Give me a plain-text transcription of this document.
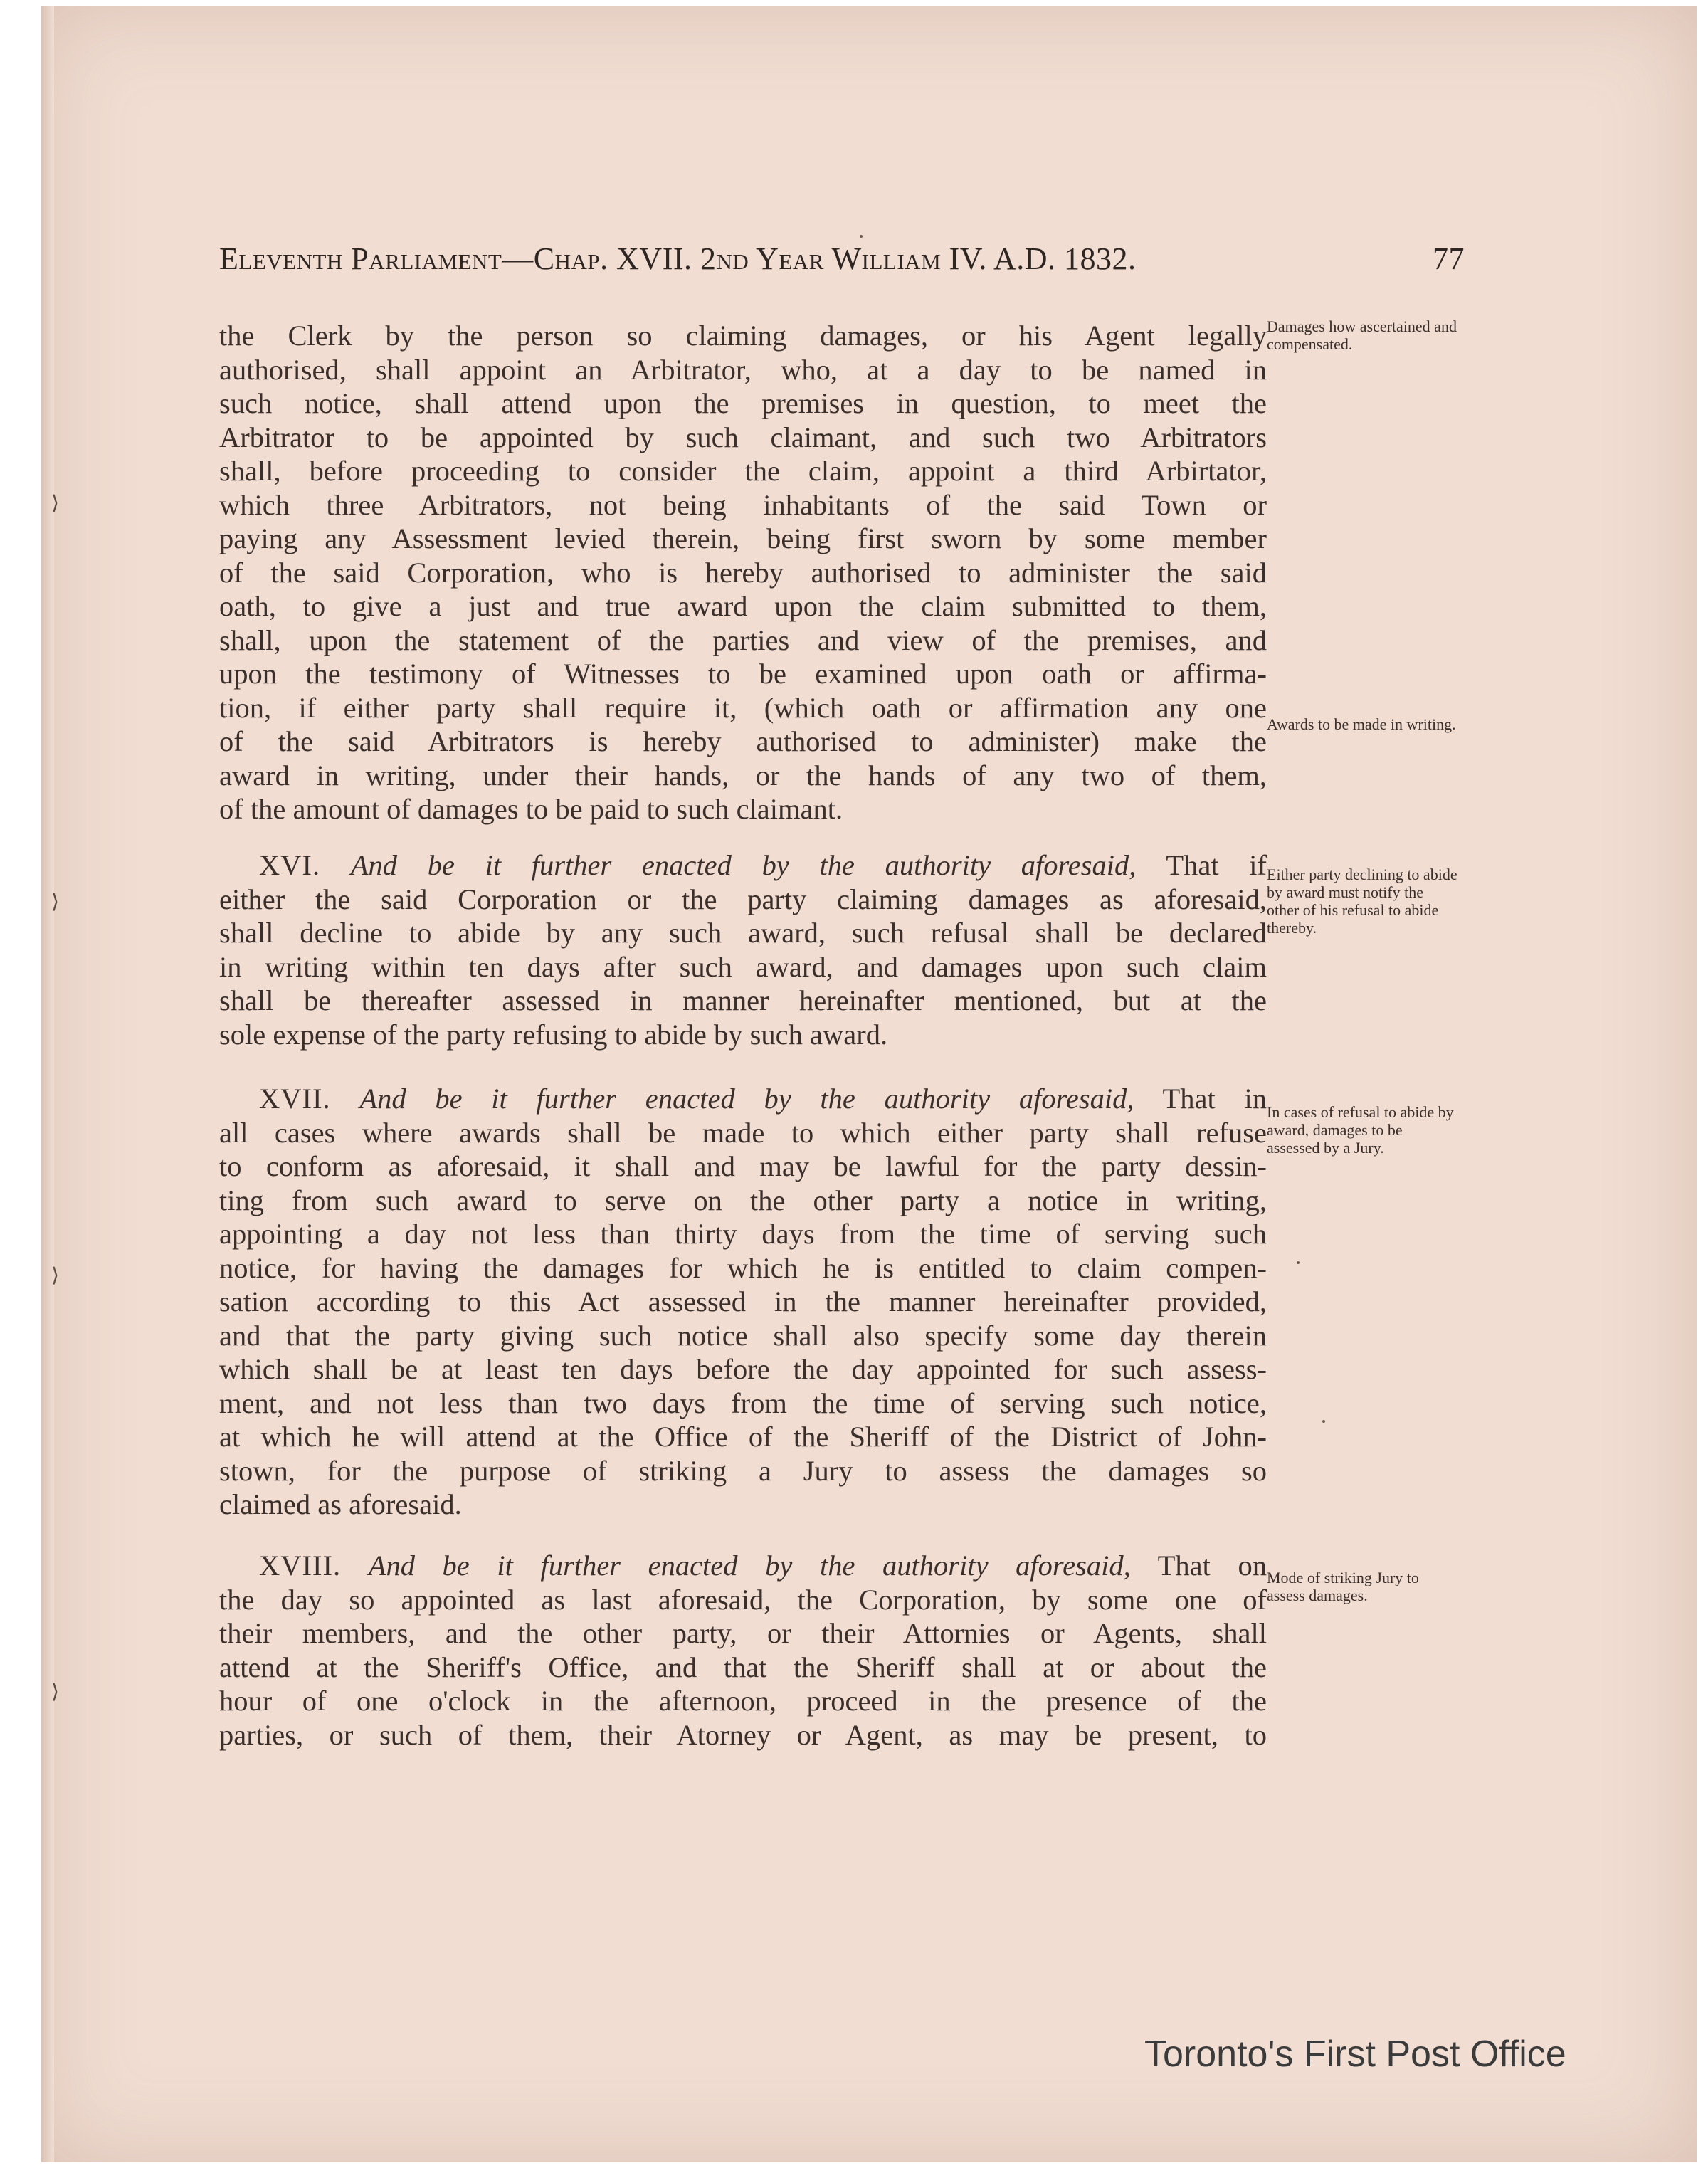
⟩
⟩
⟩
⟩
Eleventh Parliament—Chap. XVII. 2nd Year William IV. A.D. 1832.	77
the Clerk by the person so claiming damages, or his Agent legally
authorised, shall appoint an Arbitrator, who, at a day to be named in
such notice, shall attend upon the premises in question, to meet the
Arbitrator to be appointed by such claimant, and such two Arbitrators
shall, before proceeding to consider the claim, appoint a third Arbirtator,
which three Arbitrators, not being inhabitants of the said Town or
paying any Assessment levied therein, being first sworn by some member
of the said Corporation, who is hereby authorised to administer the said
oath, to give a just and true award upon the claim submitted to them,
shall, upon the statement of the parties and view of the premises, and
upon the testimony of Witnesses to be examined upon oath or affirma-
tion, if either party shall require it, (which oath or affirmation any one
of the said Arbitrators is hereby authorised to administer) make the
award in writing, under their hands, or the hands of any two of them,
of the amount of damages to be paid to such claimant.
XVI. And be it further enacted by the authority aforesaid, That if
either the said Corporation or the party claiming damages as aforesaid,
shall decline to abide by any such award, such refusal shall be declared
in writing within ten days after such award, and damages upon such claim
shall be thereafter assessed in manner hereinafter mentioned, but at the
sole expense of the party refusing to abide by such award.
XVII. And be it further enacted by the authority aforesaid, That in
all cases where awards shall be made to which either party shall refuse
to conform as aforesaid, it shall and may be lawful for the party dessin-
ting from such award to serve on the other party a notice in writing,
appointing a day not less than thirty days from the time of serving such
notice, for having the damages for which he is entitled to claim compen-
sation according to this Act assessed in the manner hereinafter provided,
and that the party giving such notice shall also specify some day therein
which shall be at least ten days before the day appointed for such assess-
ment, and not less than two days from the time of serving such notice,
at which he will attend at the Office of the Sheriff of the District of John-
stown, for the purpose of striking a Jury to assess the damages so
claimed as aforesaid.
XVIII. And be it further enacted by the authority aforesaid, That on
the day so appointed as last aforesaid, the Corporation, by some one of
their members, and the other party, or their Attornies or Agents, shall
attend at the Sheriff's Office, and that the Sheriff shall at or about the
hour of one o'clock in the afternoon, proceed in the presence of the
parties, or such of them, their Atorney or Agent, as may be present, to
Damages how ascertained and compensated.
Awards to be made in writing.
Either party declining to abide by award must notify the other of his refusal to abide thereby.
In cases of refusal to abide by award, damages to be assessed by a Jury.
Mode of striking Jury to assess damages.
Toronto's First Post Office
